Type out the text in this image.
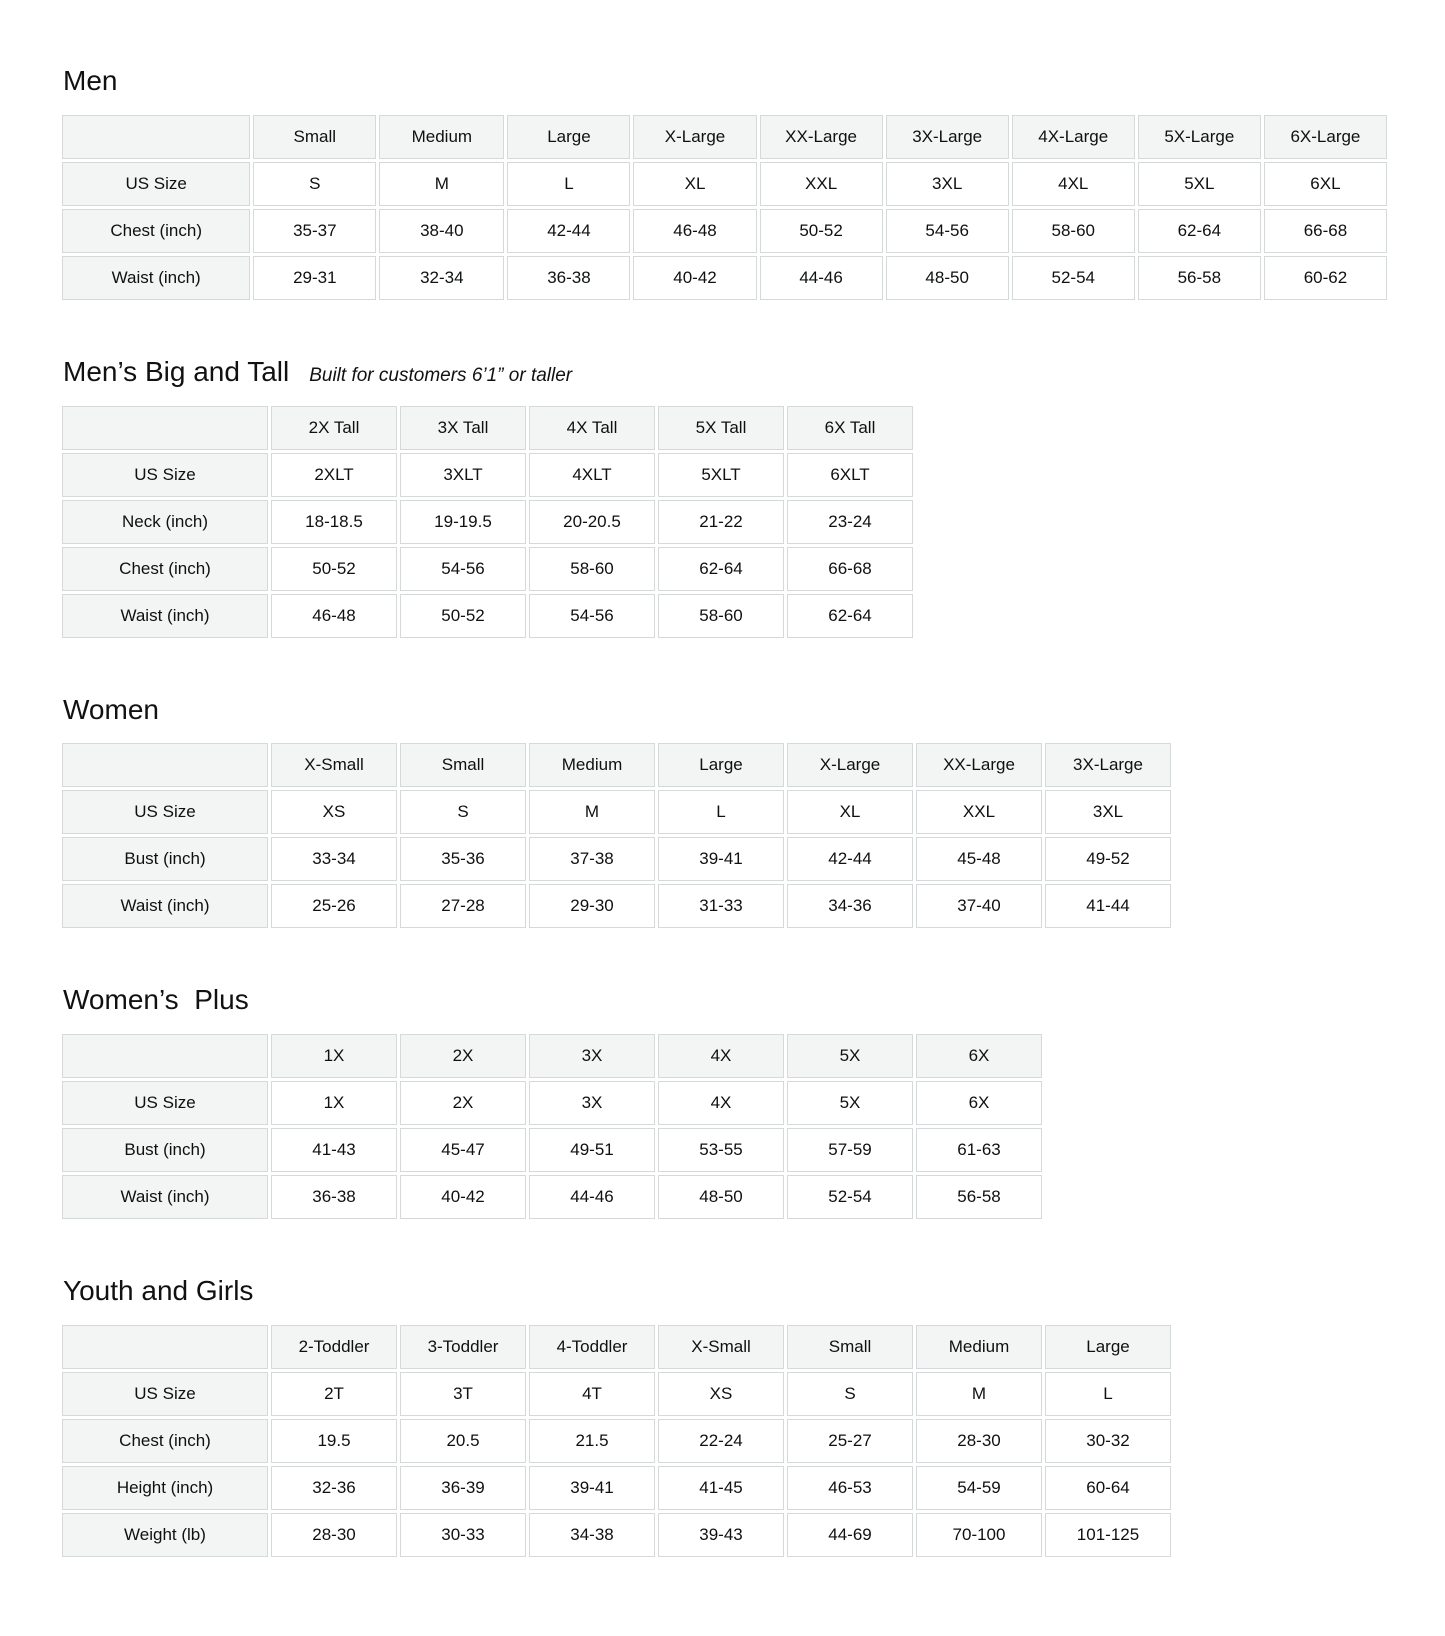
Men
	Small	Medium	Large	X-Large	XX-Large	3X-Large	4X-Large	5X-Large	6X-Large
US Size	S	M	L	XL	XXL	3XL	4XL	5XL	6XL
Chest (inch)	35-37	38-40	42-44	46-48	50-52	54-56	58-60	62-64	66-68
Waist (inch)	29-31	32-34	36-38	40-42	44-46	48-50	52-54	56-58	60-62
Men’s Big and Tall Built for customers 6’1” or taller
	2X Tall	3X Tall	4X Tall	5X Tall	6X Tall
US Size	2XLT	3XLT	4XLT	5XLT	6XLT
Neck (inch)	18-18.5	19-19.5	20-20.5	21-22	23-24
Chest (inch)	50-52	54-56	58-60	62-64	66-68
Waist (inch)	46-48	50-52	54-56	58-60	62-64
Women
	X-Small	Small	Medium	Large	X-Large	XX-Large	3X-Large
US Size	XS	S	M	L	XL	XXL	3XL
Bust (inch)	33-34	35-36	37-38	39-41	42-44	45-48	49-52
Waist (inch)	25-26	27-28	29-30	31-33	34-36	37-40	41-44
Women’s  Plus
	1X	2X	3X	4X	5X	6X
US Size	1X	2X	3X	4X	5X	6X
Bust (inch)	41-43	45-47	49-51	53-55	57-59	61-63
Waist (inch)	36-38	40-42	44-46	48-50	52-54	56-58
Youth and Girls
	2-Toddler	3-Toddler	4-Toddler	X-Small	Small	Medium	Large
US Size	2T	3T	4T	XS	S	M	L
Chest (inch)	19.5	20.5	21.5	22-24	25-27	28-30	30-32
Height (inch)	32-36	36-39	39-41	41-45	46-53	54-59	60-64
Weight (lb)	28-30	30-33	34-38	39-43	44-69	70-100	101-125
